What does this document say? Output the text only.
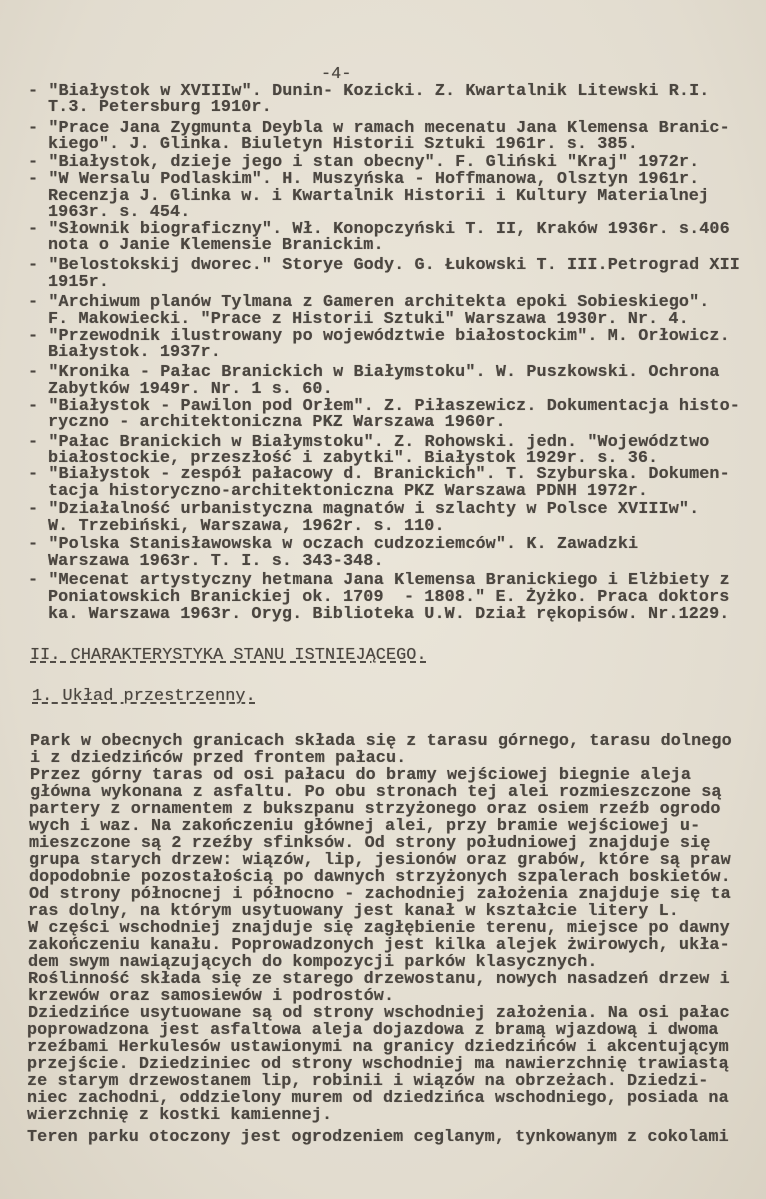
-4-
- "Białystok w XVIIIw". Dunin- Kozicki. Z. Kwartalnik Litewski R.I.
T.3. Petersburg 1910r.
- "Prace Jana Zygmunta Deybla w ramach mecenatu Jana Klemensa Branic-
kiego". J. Glinka. Biuletyn Historii Sztuki 1961r. s. 385.
- "Białystok, dzieje jego i stan obecny". F. Gliński "Kraj" 1972r.
- "W Wersalu Podlaskim". H. Muszyńska - Hoffmanowa, Olsztyn 1961r.
Recenzja J. Glinka w. i Kwartalnik Historii i Kultury Materialnej
1963r. s. 454.
- "Słownik biograficzny". Wł. Konopczyński T. II, Kraków 1936r. s.406
nota o Janie Klemensie Branickim.
- "Belostokskij dworec." Storye Gody. G. Łukowski T. III.Petrograd XII
1915r.
- "Archiwum planów Tylmana z Gameren architekta epoki Sobieskiego".
F. Makowiecki. "Prace z Historii Sztuki" Warszawa 1930r. Nr. 4.
- "Przewodnik ilustrowany po województwie białostockim". M. Orłowicz.
Białystok. 1937r.
- "Kronika - Pałac Branickich w Białymstoku". W. Puszkowski. Ochrona
Zabytków 1949r. Nr. 1 s. 60.
- "Białystok - Pawilon pod Orłem". Z. Piłaszewicz. Dokumentacja histo-
ryczno - architektoniczna PKZ Warszawa 1960r.
- "Pałac Branickich w Białymstoku". Z. Rohowski. jedn. "Województwo
białostockie, przeszłość i zabytki". Białystok 1929r. s. 36.
- "Białystok - zespół pałacowy d. Branickich". T. Szyburska. Dokumen-
tacja historyczno-architektoniczna PKZ Warszawa PDNH 1972r.
- "Działalność urbanistyczna magnatów i szlachty w Polsce XVIIIw".
W. Trzebiński, Warszawa, 1962r. s. 110.
- "Polska Stanisławowska w oczach cudzoziemców". K. Zawadzki
Warszawa 1963r. T. I. s. 343-348.
- "Mecenat artystyczny hetmana Jana Klemensa Branickiego i Elżbiety z
Poniatowskich Branickiej ok. 1709  - 1808." E. Żyżko. Praca doktors
ka. Warszawa 1963r. Oryg. Biblioteka U.W. Dział rękopisów. Nr.1229.
II. CHARAKTERYSTYKA STANU ISTNIEJĄCEGO.
1. Układ przestrzenny.
Park w obecnych granicach składa się z tarasu górnego, tarasu dolnego
i z dziedzińców przed frontem pałacu.
Przez górny taras od osi pałacu do bramy wejściowej biegnie aleja
główna wykonana z asfaltu. Po obu stronach tej alei rozmieszczone są
partery z ornamentem z bukszpanu strzyżonego oraz osiem rzeźb ogrodo
wych i waz. Na zakończeniu głównej alei, przy bramie wejściowej u-
mieszczone są 2 rzeźby sfinksów. Od strony południowej znajduje się
grupa starych drzew: wiązów, lip, jesionów oraz grabów, które są praw
dopodobnie pozostałością po dawnych strzyżonych szpalerach boskietów.
Od strony północnej i północno - zachodniej założenia znajduje się ta
ras dolny, na którym usytuowany jest kanał w kształcie litery L.
W części wschodniej znajduje się zagłębienie terenu, miejsce po dawny
zakończeniu kanału. Poprowadzonych jest kilka alejek żwirowych, ukła-
dem swym nawiązujących do kompozycji parków klasycznych.
Roślinność składa się ze starego drzewostanu, nowych nasadzeń drzew i
krzewów oraz samosiewów i podrostów.
Dziedzińce usytuowane są od strony wschodniej założenia. Na osi pałac
poprowadzona jest asfaltowa aleja dojazdowa z bramą wjazdową i dwoma
rzeźbami Herkulesów ustawionymi na granicy dziedzińców i akcentującym
przejście. Dziedziniec od strony wschodniej ma nawierzchnię trawiastą
ze starym drzewostanem lip, robinii i wiązów na obrzeżach. Dziedzi-
niec zachodni, oddzielony murem od dziedzińca wschodniego, posiada na
wierzchnię z kostki kamiennej.
Teren parku otoczony jest ogrodzeniem ceglanym, tynkowanym z cokolami
